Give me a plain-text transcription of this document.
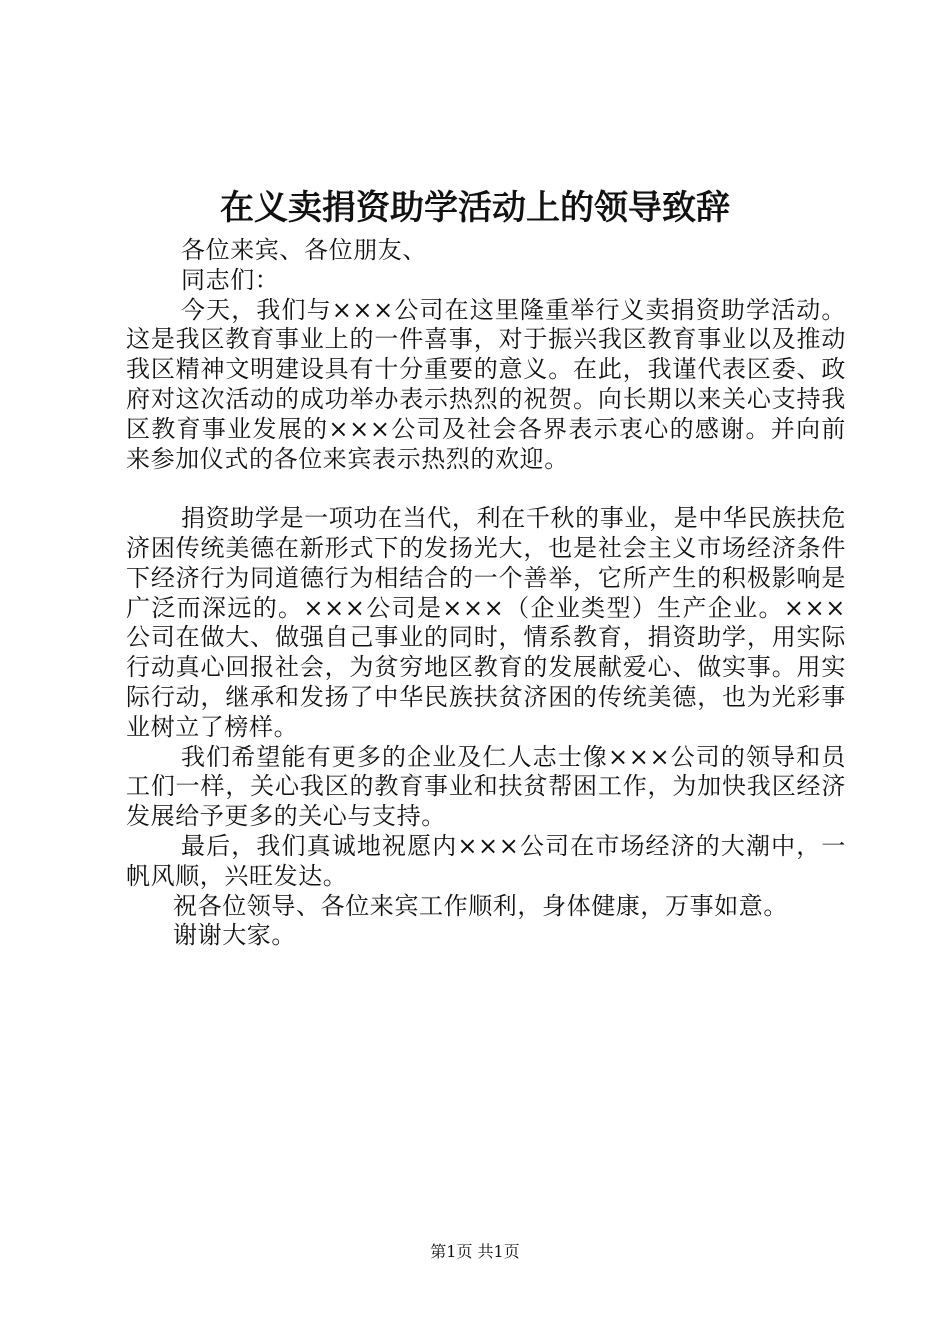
在义卖捐资助学活动上的领导致辞

各位来宾、各位朋友、

同志们：

今天，我们与×××公司在这里隆重举行义卖捐资助学活动。这是我区教育事业上的一件喜事，对于振兴我区教育事业以及推动我区精神文明建设具有十分重要的意义。在此，我谨代表区委、政府对这次活动的成功举办表示热烈的祝贺。向长期以来关心支持我区教育事业发展的×××公司及社会各界表示衷心的感谢。并向前来参加仪式的各位来宾表示热烈的欢迎。

捐资助学是一项功在当代，利在千秋的事业，是中华民族扶危济困传统美德在新形式下的发扬光大，也是社会主义市场经济条件下经济行为同道德行为相结合的一个善举，它所产生的积极影响是广泛而深远的。×××公司是×××（企业类型）生产企业。×××公司在做大、做强自己事业的同时，情系教育，捐资助学，用实际行动真心回报社会，为贫穷地区教育的发展献爱心、做实事。用实际行动，继承和发扬了中华民族扶贫济困的传统美德，也为光彩事业树立了榜样。

我们希望能有更多的企业及仁人志士像×××公司的领导和员工们一样，关心我区的教育事业和扶贫帮困工作，为加快我区经济发展给予更多的关心与支持。

最后，我们真诚地祝愿内×××公司在市场经济的大潮中，一帆风顺，兴旺发达。

祝各位领导、各位来宾工作顺利，身体健康，万事如意。

谢谢大家。

第1页 共1页
